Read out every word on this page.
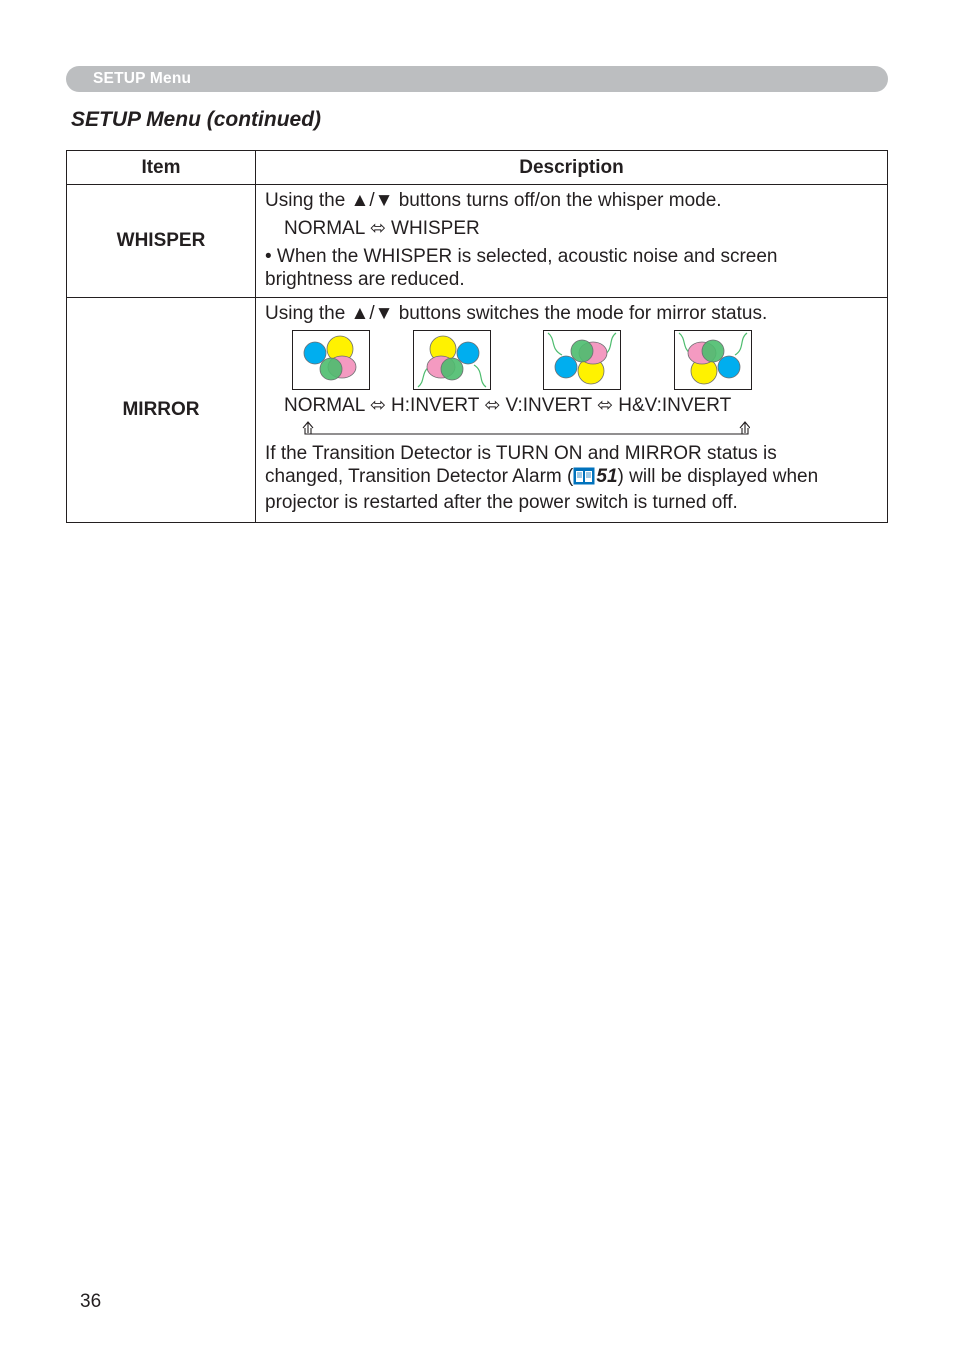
SETUP Menu
SETUP Menu (continued)
Item	Description
WHISPER	Using the ▲/▼ buttons turns off/on the whisper mode.
NORMAL ⬄ WHISPER
• When the WHISPER is selected, acoustic noise and screen
brightness are reduced.

MIRROR	Using the ▲/▼ buttons switches the mode for mirror status.
NORMAL ⬄ H:INVERT ⬄ V:INVERT ⬄ H&V:INVERT
If the Transition Detector is TURN ON and MIRROR status is
changed, Transition Detector Alarm ( 51) will be displayed when
projector is restarted after the power switch is turned off.
36
